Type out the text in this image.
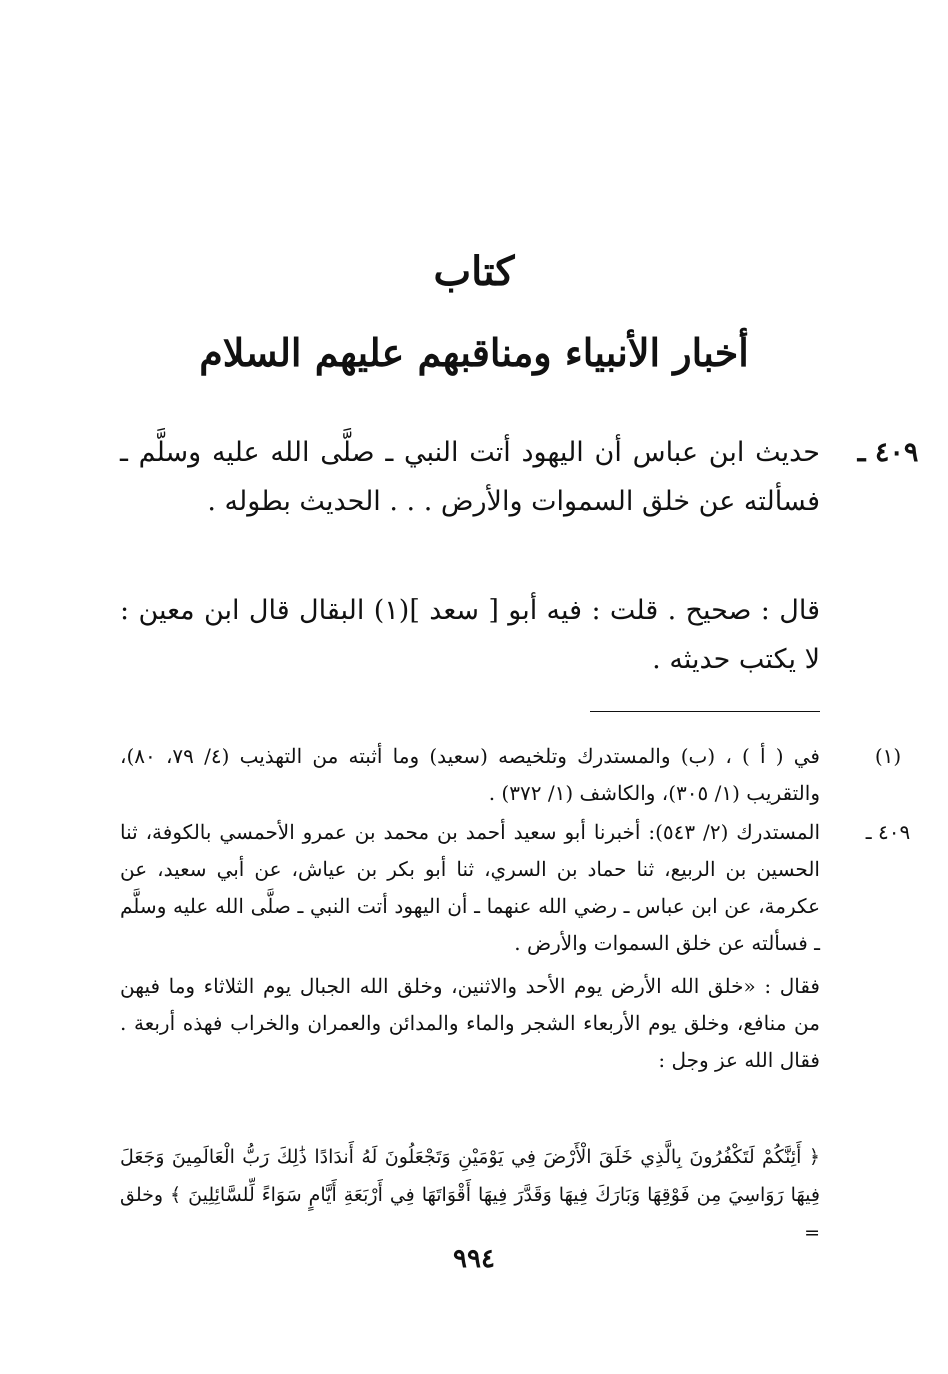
كتاب
أخبار الأنبياء ومناقبهم عليهم السلام
٤٠٩ ـ

حديث ابن عباس أن اليهود أتت النبي ـ صلَّى الله عليه وسلَّم ـ فسألته عن خلق السموات والأرض . . . الحديث بطوله .

قال : صحيح . قلت : فيه أبو [ سعد ](١) البقال قال ابن معين : لا يكتب حديثه .

(١)

في ( أ ) ، (ب) والمستدرك وتلخيصه (سعيد) وما أثبته من التهذيب (٤/ ٧٩، ٨٠)، والتقريب (١/ ٣٠٥)، والكاشف (١/ ٣٧٢) .

٤٠٩ ـ

المستدرك (٢/ ٥٤٣): أخبرنا أبو سعيد أحمد بن محمد بن عمرو الأحمسي بالكوفة، ثنا الحسين بن الربيع، ثنا حماد بن السري، ثنا أبو بكر بن عياش، عن أبي سعيد، عن عكرمة، عن ابن عباس ـ رضي الله عنهما ـ أن اليهود أتت النبي ـ صلَّى الله عليه وسلَّم ـ فسألته عن خلق السموات والأرض .

فقال : «خلق الله الأرض يوم الأحد والاثنين، وخلق الله الجبال يوم الثلاثاء وما فيهن من منافع، وخلق يوم الأربعاء الشجر والماء والمدائن والعمران والخراب فهذه أربعة . فقال الله عز وجل :

﴿ أَئِنَّكُمْ لَتَكْفُرُونَ بِالَّذِي خَلَقَ الْأَرْضَ فِي يَوْمَيْنِ وَتَجْعَلُونَ لَهُ أَندَادًا ذَٰلِكَ رَبُّ الْعَالَمِينَ وَجَعَلَ فِيهَا رَوَاسِيَ مِن فَوْقِهَا وَبَارَكَ فِيهَا وَقَدَّرَ فِيهَا أَقْوَاتَهَا فِي أَرْبَعَةِ أَيَّامٍ سَوَاءً لِّلسَّائِلِينَ ﴾ وخلق =

٩٩٤
